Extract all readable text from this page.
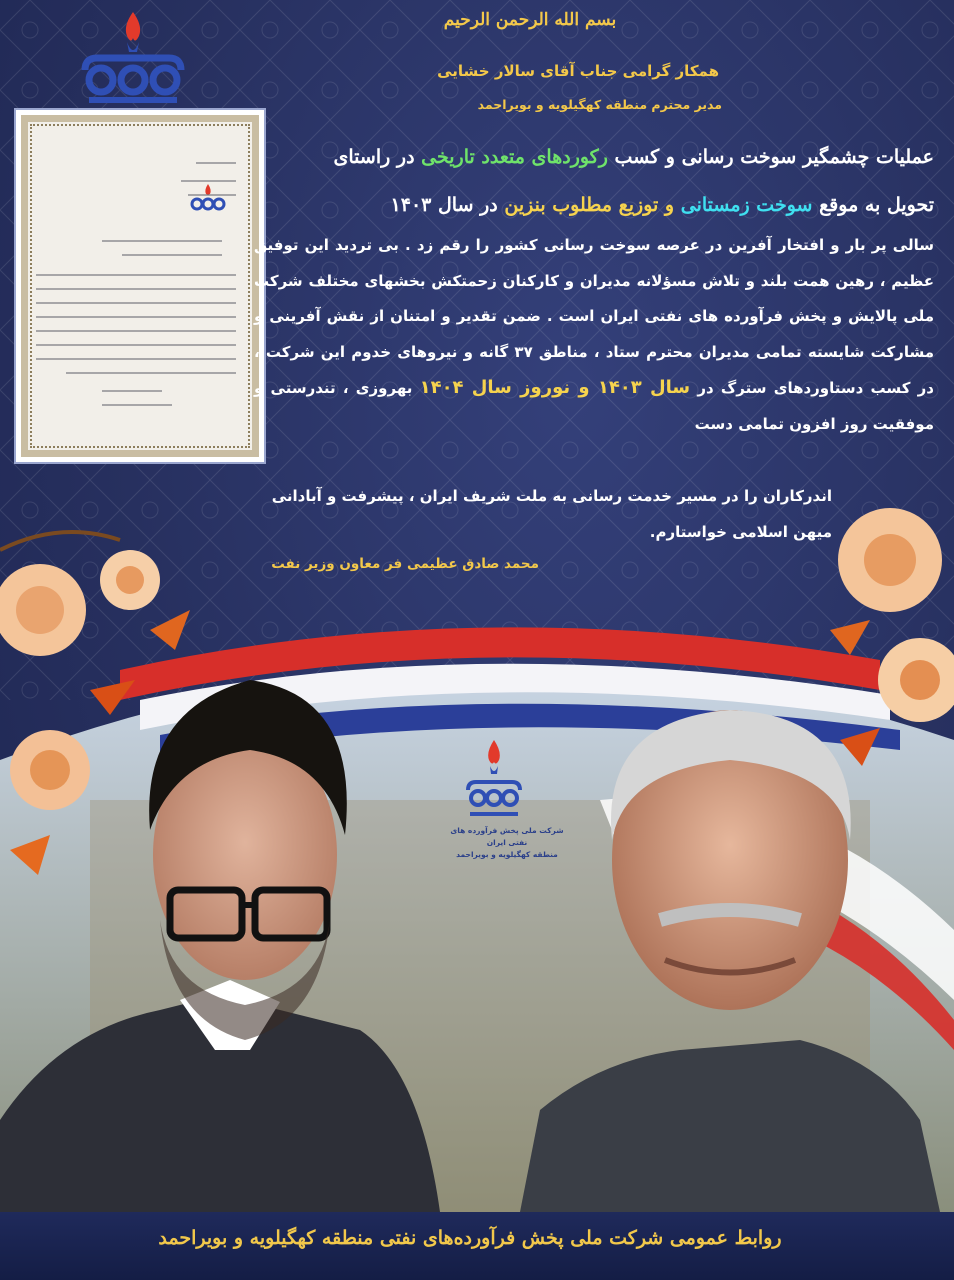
بسم الله الرحمن الرحیم
همکار گرامی جناب آقای سالار خشایی
مدیر محترم منطقه کهگیلویه و بویراحمد
عملیات چشمگیر سوخت رسانی و کسب رکوردهای متعدد تاریخی در راستای
تحویل به موقع سوخت زمستانی و توزیع مطلوب بنزین در سال ۱۴۰۳
سالی پر بار و افتخار آفرین در عرصه سوخت رسانی کشور را رقم زد . بی تردید این توفیق عظیم ، رهین همت بلند و تلاش مسؤلانه مدیران و کارکنان زحمتکش بخشهای مختلف شرکت ملی پالایش و پخش فرآورده های نفتی ایران است . ضمن تقدیر و امتنان از نقش آفرینی و مشارکت شایسته تمامی مدیران محترم ستاد ، مناطق ۳۷ گانه و نیروهای خدوم این شرکت ، در کسب دستاوردهای سترگ در سال ۱۴۰۳ و نوروز سال ۱۴۰۴ بهروزی ، تندرستی و موفقیت روز افزون تمامی دست
اندرکاران را در مسیر خدمت رسانی به ملت شریف ایران ، پیشرفت و آبادانی میهن اسلامی خواستارم.
محمد صادق عظیمی فر معاون وزیر نفت
شرکت ملی پخش فرآورده های نفتی ایران
منطقه کهگیلویه و بویراحمد
روابط عمومی شرکت ملی پخش فرآورده‌های نفتی منطقه کهگیلویه و بویراحمد
